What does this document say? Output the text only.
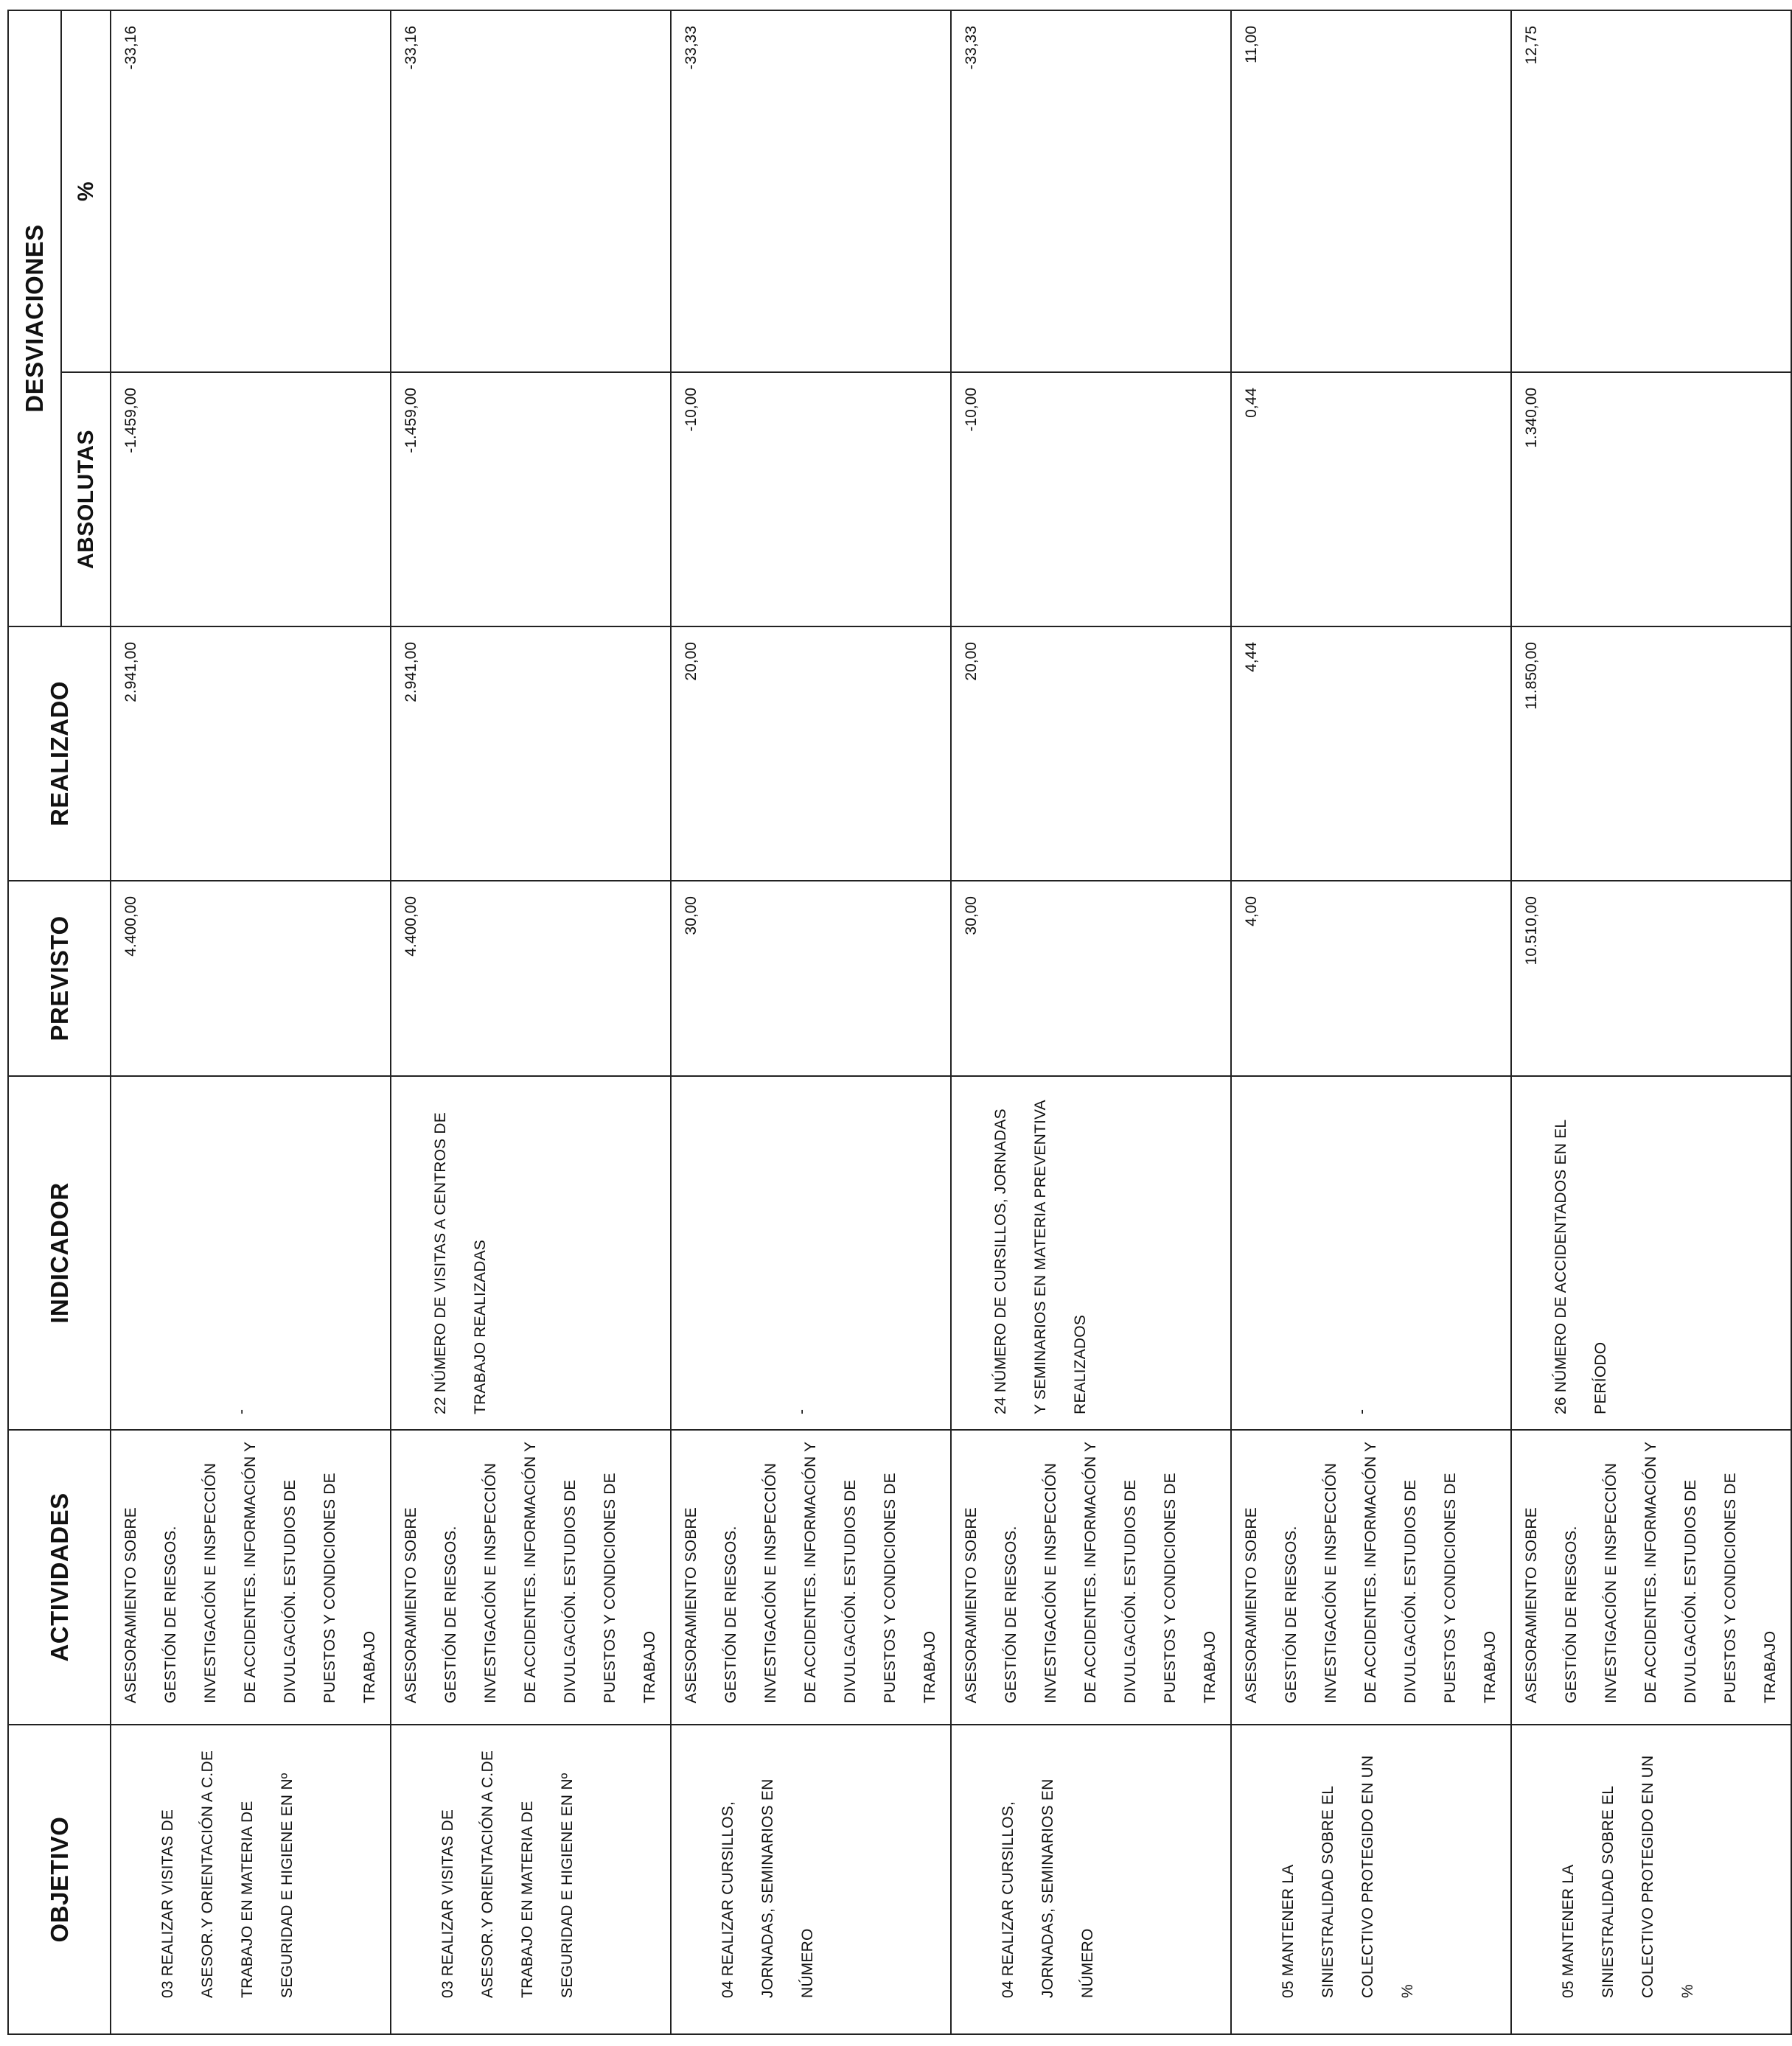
OBJETIVO	ACTIVIDADES	INDICADOR	PREVISTO	REALIZADO	DESVIACIONES	
					ABSOLUTAS	%

03 REALIZAR VISITAS DE ASESOR.Y ORIENTACIÓN A C.DE TRABAJO EN MATERIA DE SEGURIDAD E HIGIENE EN Nº	ASESORAMIENTO SOBRE GESTIÓN DE RIESGOS. INVESTIGACIÓN E INSPECCIÓN DE ACCIDENTES. INFORMACIÓN Y DIVULGACIÓN. ESTUDIOS DE PUESTOS Y CONDICIONES DE TRABAJO	-	4.400,00	2.941,00	-1.459,00	-33,16

03 REALIZAR VISITAS DE ASESOR.Y ORIENTACIÓN A C.DE TRABAJO EN MATERIA DE SEGURIDAD E HIGIENE EN Nº	ASESORAMIENTO SOBRE GESTIÓN DE RIESGOS. INVESTIGACIÓN E INSPECCIÓN DE ACCIDENTES. INFORMACIÓN Y DIVULGACIÓN. ESTUDIOS DE PUESTOS Y CONDICIONES DE TRABAJO	22 NÚMERO DE VISITAS A CENTROS DE TRABAJO REALIZADAS	4.400,00	2.941,00	-1.459,00	-33,16

04 REALIZAR CURSILLOS, JORNADAS, SEMINARIOS EN NÚMERO	ASESORAMIENTO SOBRE GESTIÓN DE RIESGOS. INVESTIGACIÓN E INSPECCIÓN DE ACCIDENTES. INFORMACIÓN Y DIVULGACIÓN. ESTUDIOS DE PUESTOS Y CONDICIONES DE TRABAJO	-	30,00	20,00	-10,00	-33,33

04 REALIZAR CURSILLOS, JORNADAS, SEMINARIOS EN NÚMERO	ASESORAMIENTO SOBRE GESTIÓN DE RIESGOS. INVESTIGACIÓN E INSPECCIÓN DE ACCIDENTES. INFORMACIÓN Y DIVULGACIÓN. ESTUDIOS DE PUESTOS Y CONDICIONES DE TRABAJO	24 NÚMERO DE CURSILLOS, JORNADAS Y SEMINARIOS EN MATERIA PREVENTIVA REALIZADOS	30,00	20,00	-10,00	-33,33

05 MANTENER LA SINIESTRALIDAD SOBRE EL COLECTIVO PROTEGIDO EN UN %	ASESORAMIENTO SOBRE GESTIÓN DE RIESGOS. INVESTIGACIÓN E INSPECCIÓN DE ACCIDENTES. INFORMACIÓN Y DIVULGACIÓN. ESTUDIOS DE PUESTOS Y CONDICIONES DE TRABAJO	-	4,00	4,44	0,44	11,00

05 MANTENER LA SINIESTRALIDAD SOBRE EL COLECTIVO PROTEGIDO EN UN %	ASESORAMIENTO SOBRE GESTIÓN DE RIESGOS. INVESTIGACIÓN E INSPECCIÓN DE ACCIDENTES. INFORMACIÓN Y DIVULGACIÓN. ESTUDIOS DE PUESTOS Y CONDICIONES DE TRABAJO	26 NÚMERO DE ACCIDENTADOS EN EL PERÍODO	10.510,00	11.850,00	1.340,00	12,75
